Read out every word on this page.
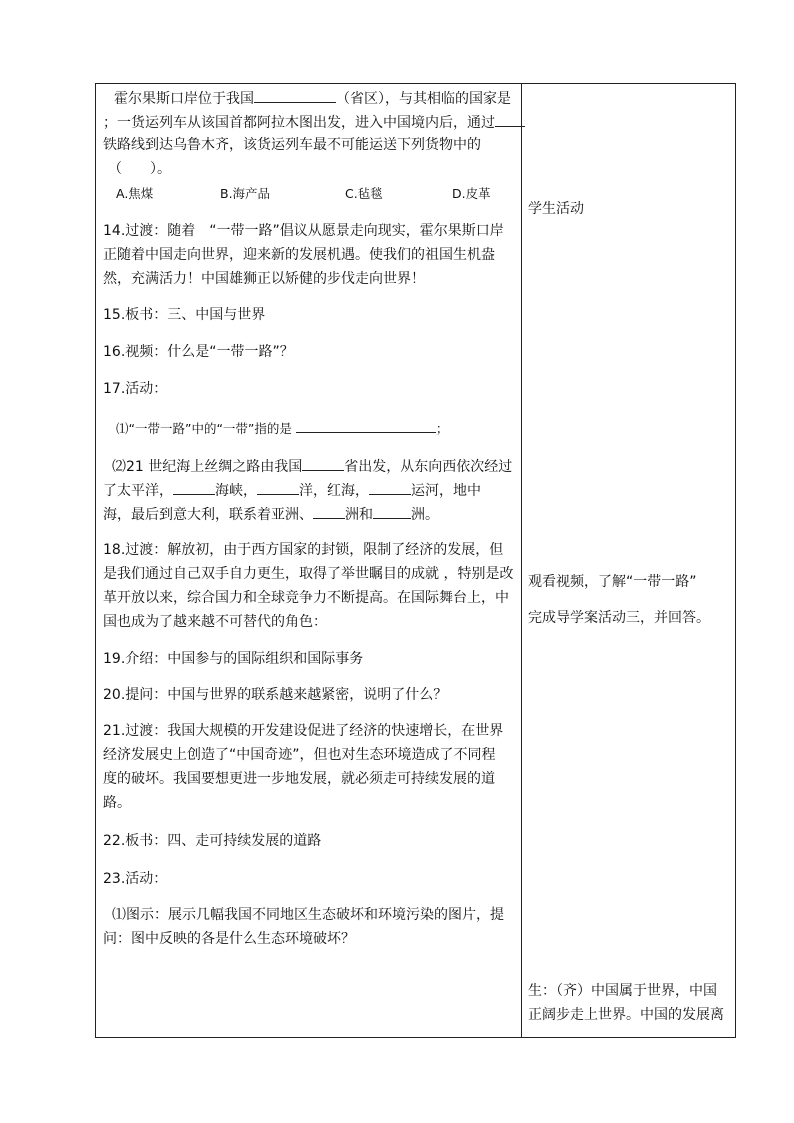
霍尔果斯口岸位于我国	（省区），与其相临的国家是
；一货运列车从该国首都阿拉木图出发，进入中国境内后，通过
铁路线到达乌鲁木齐，该货运列车最不可能运送下列货物中的
（　　）。
A.焦煤	B.海产品	C.毡毯	D.皮革
14.过渡：随着　“一带一路”倡议从愿景走向现实，霍尔果斯口岸
正随着中国走向世界，迎来新的发展机遇。使我们的祖国生机盎
然，充满活力！中国雄狮正以矫健的步伐走向世界！
15.板书：三、中国与世界
16.视频：什么是“一带一路”？
17.活动：
⑴“一带一路”中的“一带”指的是	；
⑵21 世纪海上丝绸之路由我国	省出发，从东向西依次经过
了太平洋，	海峡，	洋，红海，	运河，地中
海，最后到意大利，联系着亚洲、 洲和	洲。
18.过渡：解放初，由于西方国家的封锁，限制了经济的发展，但
是我们通过自己双手自力更生，取得了举世瞩目的成就 ，特别是改
革开放以来，综合国力和全球竞争力不断提高。在国际舞台上，中
国也成为了越来越不可替代的角色：
19.介绍：中国参与的国际组织和国际事务
20.提问：中国与世界的联系越来越紧密，说明了什么？
21.过渡：我国大规模的开发建设促进了经济的快速增长，在世界
经济发展史上创造了“中国奇迹”，但也对生态环境造成了不同程
度的破坏。我国要想更进一步地发展，就必须走可持续发展的道
路。
22.板书：四、走可持续发展的道路
23.活动：
⑴图示：展示几幅我国不同地区生态破坏和环境污染的图片，提
问：图中反映的各是什么生态环境破坏？
学生活动
观看视频，了解“一带一路”
完成导学案活动三，并回答。
生：（齐）中国属于世界，中国
正阔步走上世界。中国的发展离
